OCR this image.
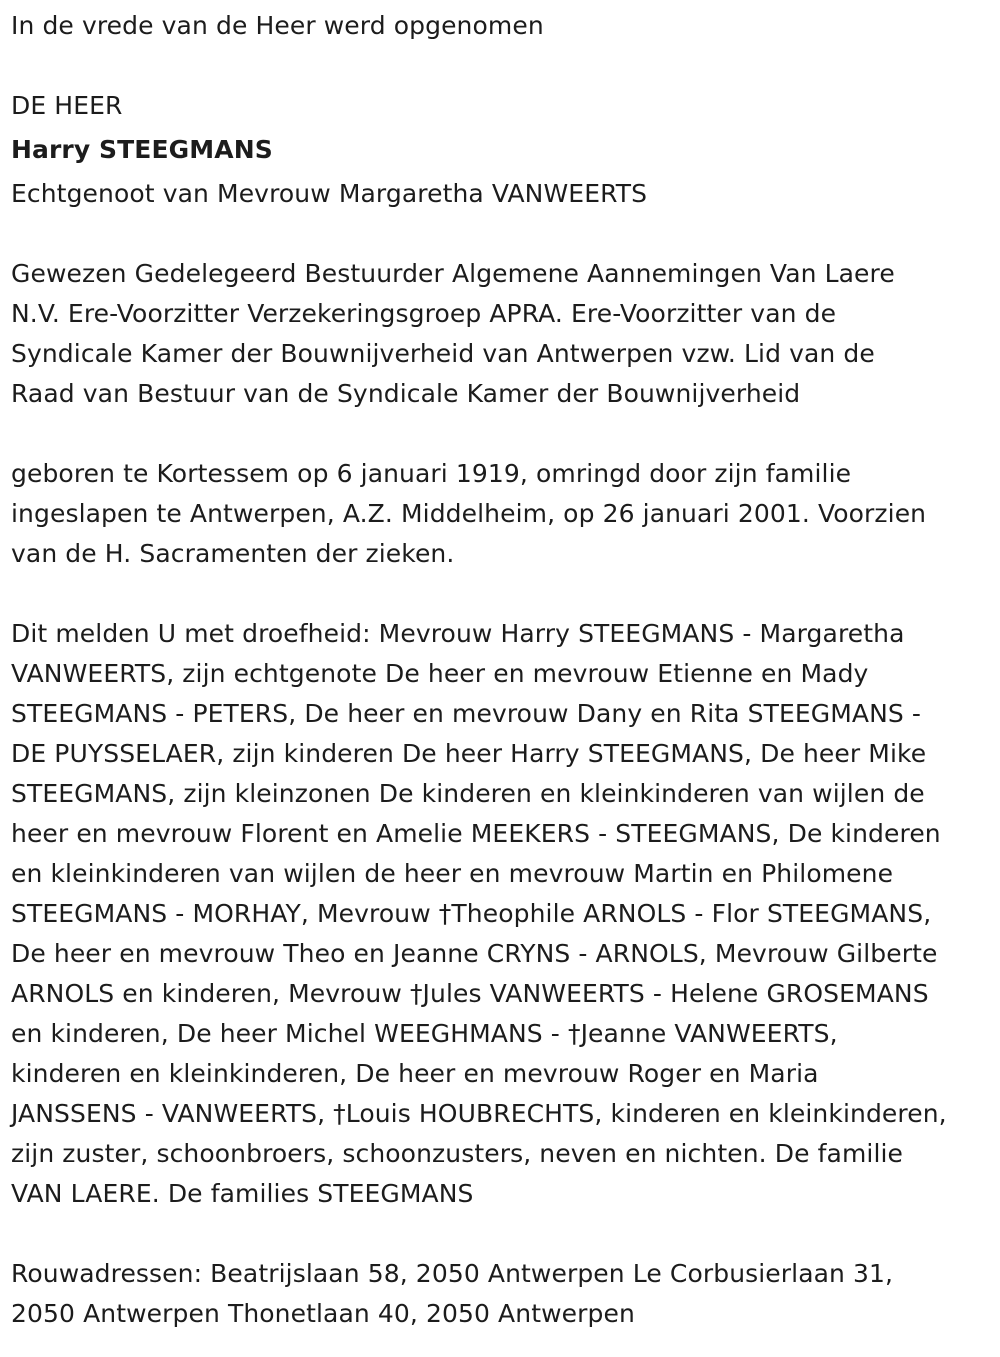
In de vrede van de Heer werd opgenomen
DE HEER
Harry STEEGMANS
Echtgenoot van Mevrouw Margaretha VANWEERTS
Gewezen Gedelegeerd Bestuurder Algemene Aannemingen Van Laere
N.V. Ere-Voorzitter Verzekeringsgroep APRA. Ere-Voorzitter van de
Syndicale Kamer der Bouwnijverheid van Antwerpen vzw. Lid van de
Raad van Bestuur van de Syndicale Kamer der Bouwnijverheid
geboren te Kortessem op 6 januari 1919, omringd door zijn familie
ingeslapen te Antwerpen, A.Z. Middelheim, op 26 januari 2001. Voorzien
van de H. Sacramenten der zieken.
Dit melden U met droefheid: Mevrouw Harry STEEGMANS - Margaretha
VANWEERTS, zijn echtgenote De heer en mevrouw Etienne en Mady
STEEGMANS - PETERS, De heer en mevrouw Dany en Rita STEEGMANS -
DE PUYSSELAER, zijn kinderen De heer Harry STEEGMANS, De heer Mike
STEEGMANS, zijn kleinzonen De kinderen en kleinkinderen van wijlen de
heer en mevrouw Florent en Amelie MEEKERS - STEEGMANS, De kinderen
en kleinkinderen van wijlen de heer en mevrouw Martin en Philomene
STEEGMANS - MORHAY, Mevrouw †Theophile ARNOLS - Flor STEEGMANS,
De heer en mevrouw Theo en Jeanne CRYNS - ARNOLS, Mevrouw Gilberte
ARNOLS en kinderen, Mevrouw †Jules VANWEERTS - Helene GROSEMANS
en kinderen, De heer Michel WEEGHMANS - †Jeanne VANWEERTS,
kinderen en kleinkinderen, De heer en mevrouw Roger en Maria
JANSSENS - VANWEERTS, †Louis HOUBRECHTS, kinderen en kleinkinderen,
zijn zuster, schoonbroers, schoonzusters, neven en nichten. De familie
VAN LAERE. De families STEEGMANS
Rouwadressen: Beatrijslaan 58, 2050 Antwerpen Le Corbusierlaan 31,
2050 Antwerpen Thonetlaan 40, 2050 Antwerpen
